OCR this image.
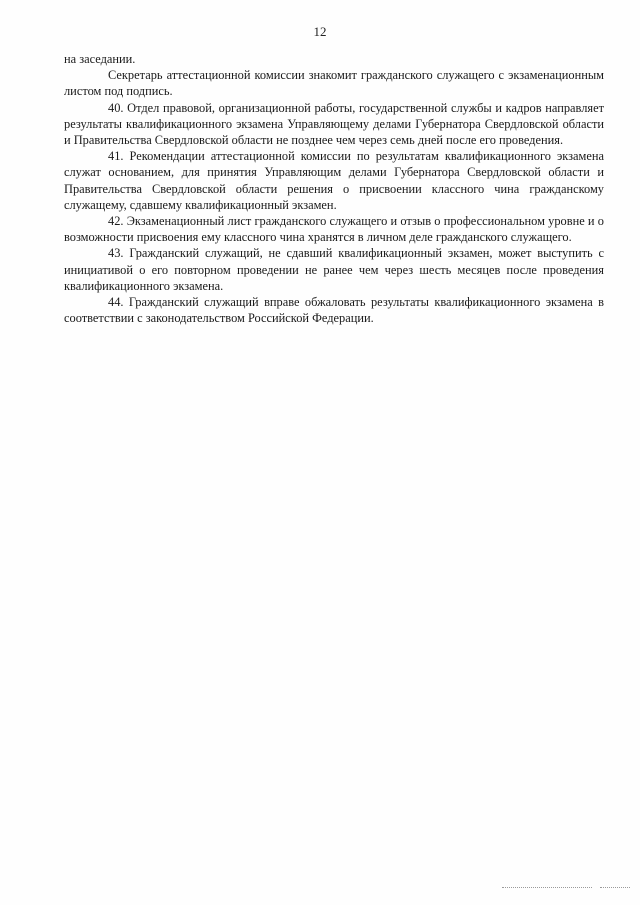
12

на заседании.

Секретарь аттестационной комиссии знакомит гражданского служащего с экзаменационным листом под подпись.

40. Отдел правовой, организационной работы, государственной службы и кадров направляет результаты квалификационного экзамена Управляющему делами Губернатора Свердловской области и Правительства Свердловской области не позднее чем через семь дней после его проведения.

41. Рекомендации аттестационной комиссии по результатам квалификационного экзамена служат основанием, для принятия Управляющим делами Губернатора Свердловской области и Правительства Свердловской области решения о присвоении классного чина гражданскому служащему, сдавшему квалификационный экзамен.

42. Экзаменационный лист гражданского служащего и отзыв о профессиональном уровне и о возможности присвоения ему классного чина хранятся в личном деле гражданского служащего.

43. Гражданский служащий, не сдавший квалификационный экзамен, может выступить с инициативой о его повторном проведении не ранее чем через шесть месяцев после проведения квалификационного экзамена.

44. Гражданский служащий вправе обжаловать результаты квалификационного экзамена в соответствии с законодательством Российской Федерации.
